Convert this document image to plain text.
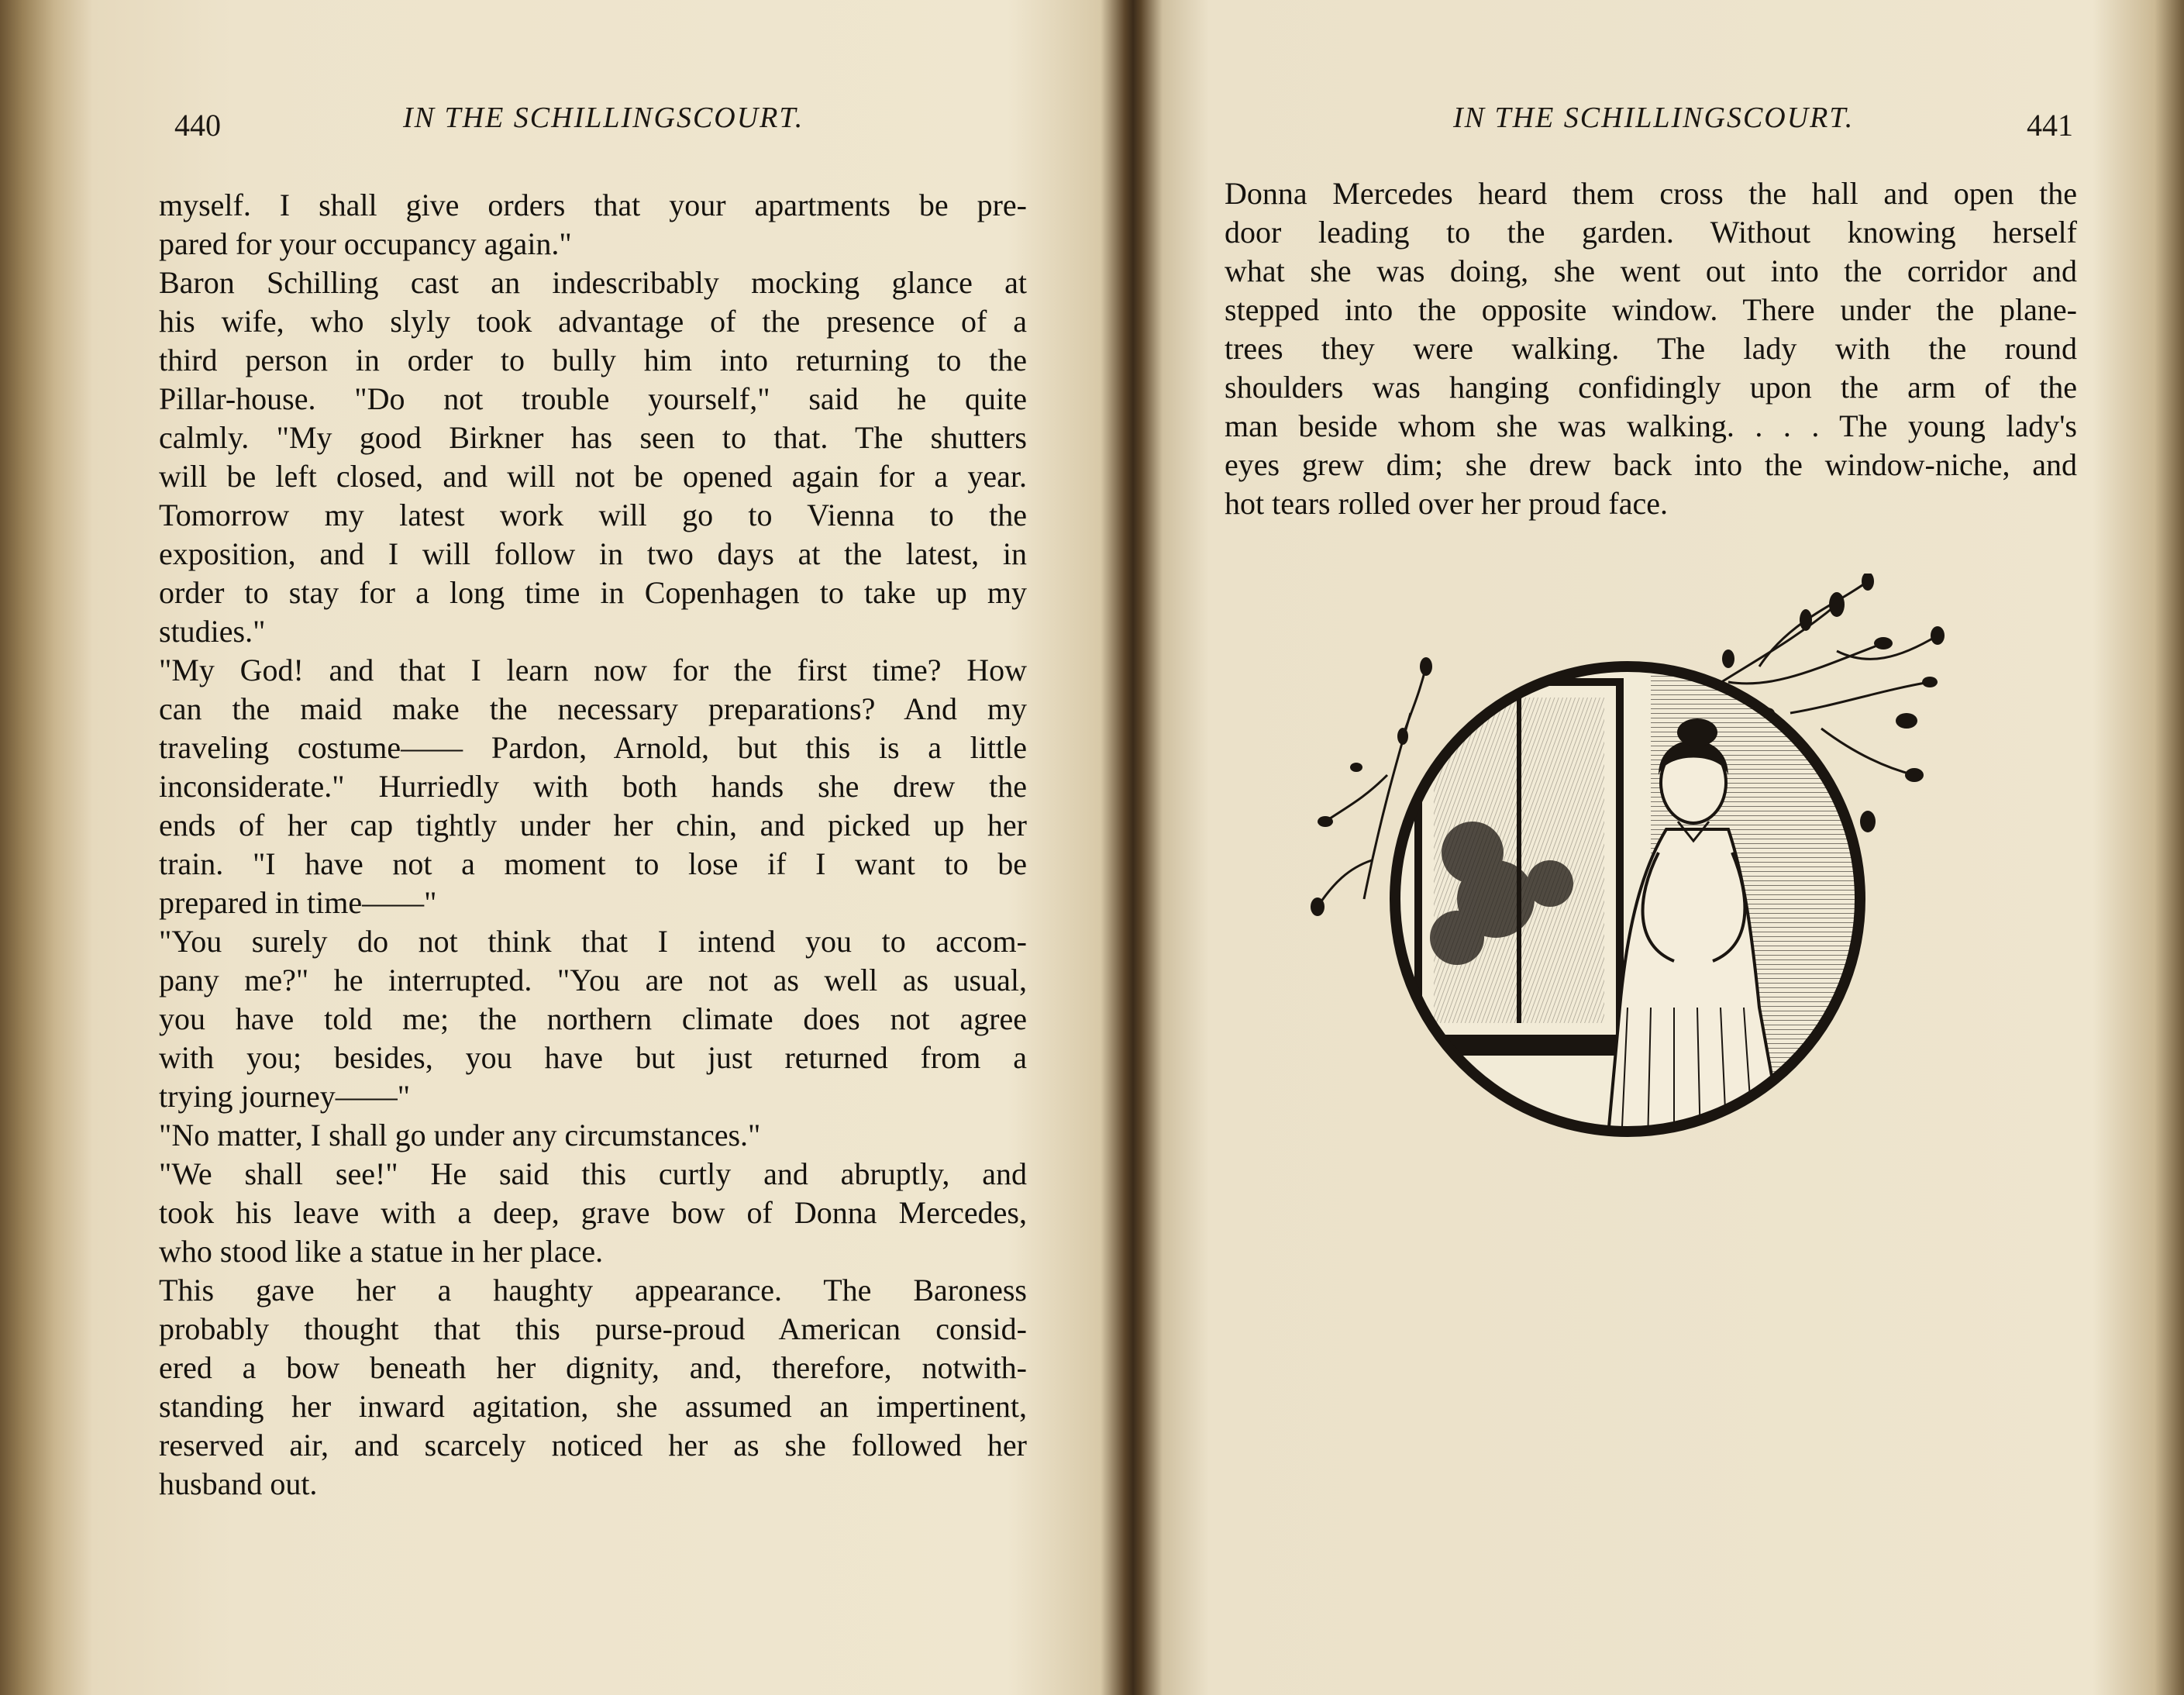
440	IN THE SCHILLINGSCOURT.
myself. I shall give orders that your apartments be pre-
pared for your occupancy again."
Baron Schilling cast an indescribably mocking glance at
his wife, who slyly took advantage of the presence of a
third person in order to bully him into returning to the
Pillar-house. "Do not trouble yourself," said he quite
calmly. "My good Birkner has seen to that. The shutters
will be left closed, and will not be opened again for a year.
Tomorrow my latest work will go to Vienna to the
exposition, and I will follow in two days at the latest, in
order to stay for a long time in Copenhagen to take up my
studies."
"My God! and that I learn now for the first time? How
can the maid make the necessary preparations? And my
traveling costume—— Pardon, Arnold, but this is a little
inconsiderate." Hurriedly with both hands she drew the
ends of her cap tightly under her chin, and picked up her
train. "I have not a moment to lose if I want to be
prepared in time——"
"You surely do not think that I intend you to accom-
pany me?" he interrupted. "You are not as well as usual,
you have told me; the northern climate does not agree
with you; besides, you have but just returned from a
trying journey——"
"No matter, I shall go under any circumstances."
"We shall see!" He said this curtly and abruptly, and
took his leave with a deep, grave bow of Donna Mercedes,
who stood like a statue in her place.
This gave her a haughty appearance. The Baroness
probably thought that this purse-proud American consid-
ered a bow beneath her dignity, and, therefore, notwith-
standing her inward agitation, she assumed an impertinent,
reserved air, and scarcely noticed her as she followed her
husband out.
IN THE SCHILLINGSCOURT.	441
Donna Mercedes heard them cross the hall and open the
door leading to the garden. Without knowing herself
what she was doing, she went out into the corridor and
stepped into the opposite window. There under the plane-
trees they were walking. The lady with the round
shoulders was hanging confidingly upon the arm of the
man beside whom she was walking. . . . The young lady's
eyes grew dim; she drew back into the window-niche, and
hot tears rolled over her proud face.
